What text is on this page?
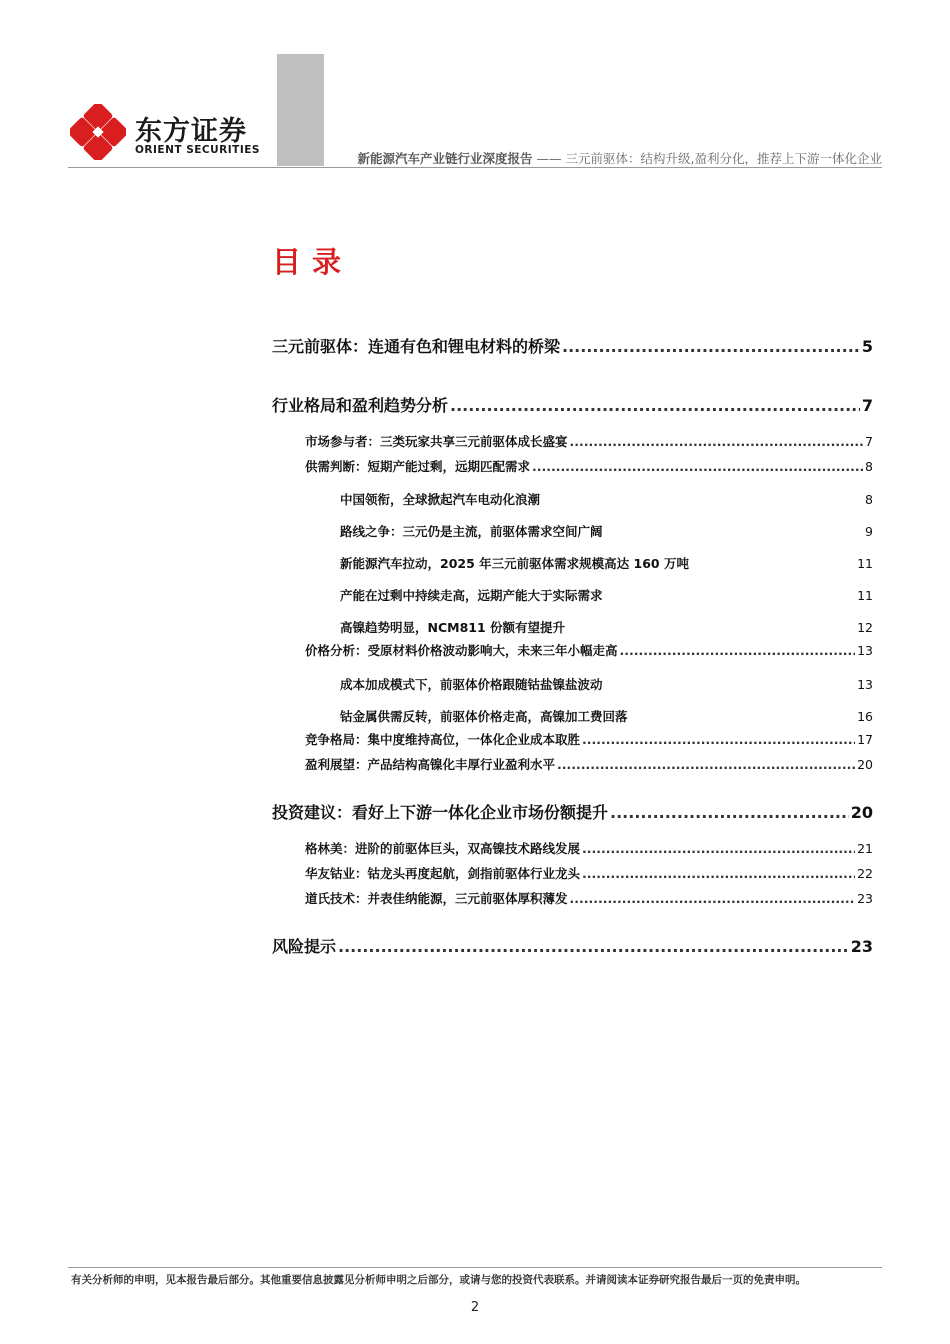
东方证券
ORIENT SECURITIES
新能源汽车产业链行业深度报告 —— 三元前驱体：结构升级,盈利分化，推荐上下游一体化企业
目录
三元前驱体：连通有色和锂电材料的桥梁 .....	5
行业格局和盈利趋势分析 .....	7
市场参与者：三类玩家共享三元前驱体成长盛宴 .....	7
供需判断：短期产能过剩，远期匹配需求 .....	8
中国领衔，全球掀起汽车电动化浪潮	8
路线之争：三元仍是主流，前驱体需求空间广阔	9
新能源汽车拉动，2025 年三元前驱体需求规模高达 160 万吨	11
产能在过剩中持续走高，远期产能大于实际需求	11
高镍趋势明显，NCM811 份额有望提升	12
价格分析：受原材料价格波动影响大，未来三年小幅走高 .....	13
成本加成模式下，前驱体价格跟随钴盐镍盐波动	13
钴金属供需反转，前驱体价格走高，高镍加工费回落	16
竞争格局：集中度维持高位，一体化企业成本取胜 .....	17
盈利展望：产品结构高镍化丰厚行业盈利水平 .....	20
投资建议：看好上下游一体化企业市场份额提升 .....	20
格林美：进阶的前驱体巨头，双高镍技术路线发展 .....	21
华友钴业：钴龙头再度起航，剑指前驱体行业龙头 .....	22
道氏技术：并表佳纳能源，三元前驱体厚积薄发 .....	23
风险提示 .....	23
有关分析师的申明，见本报告最后部分。其他重要信息披露见分析师申明之后部分，或请与您的投资代表联系。并请阅读本证券研究报告最后一页的免责申明。
2
